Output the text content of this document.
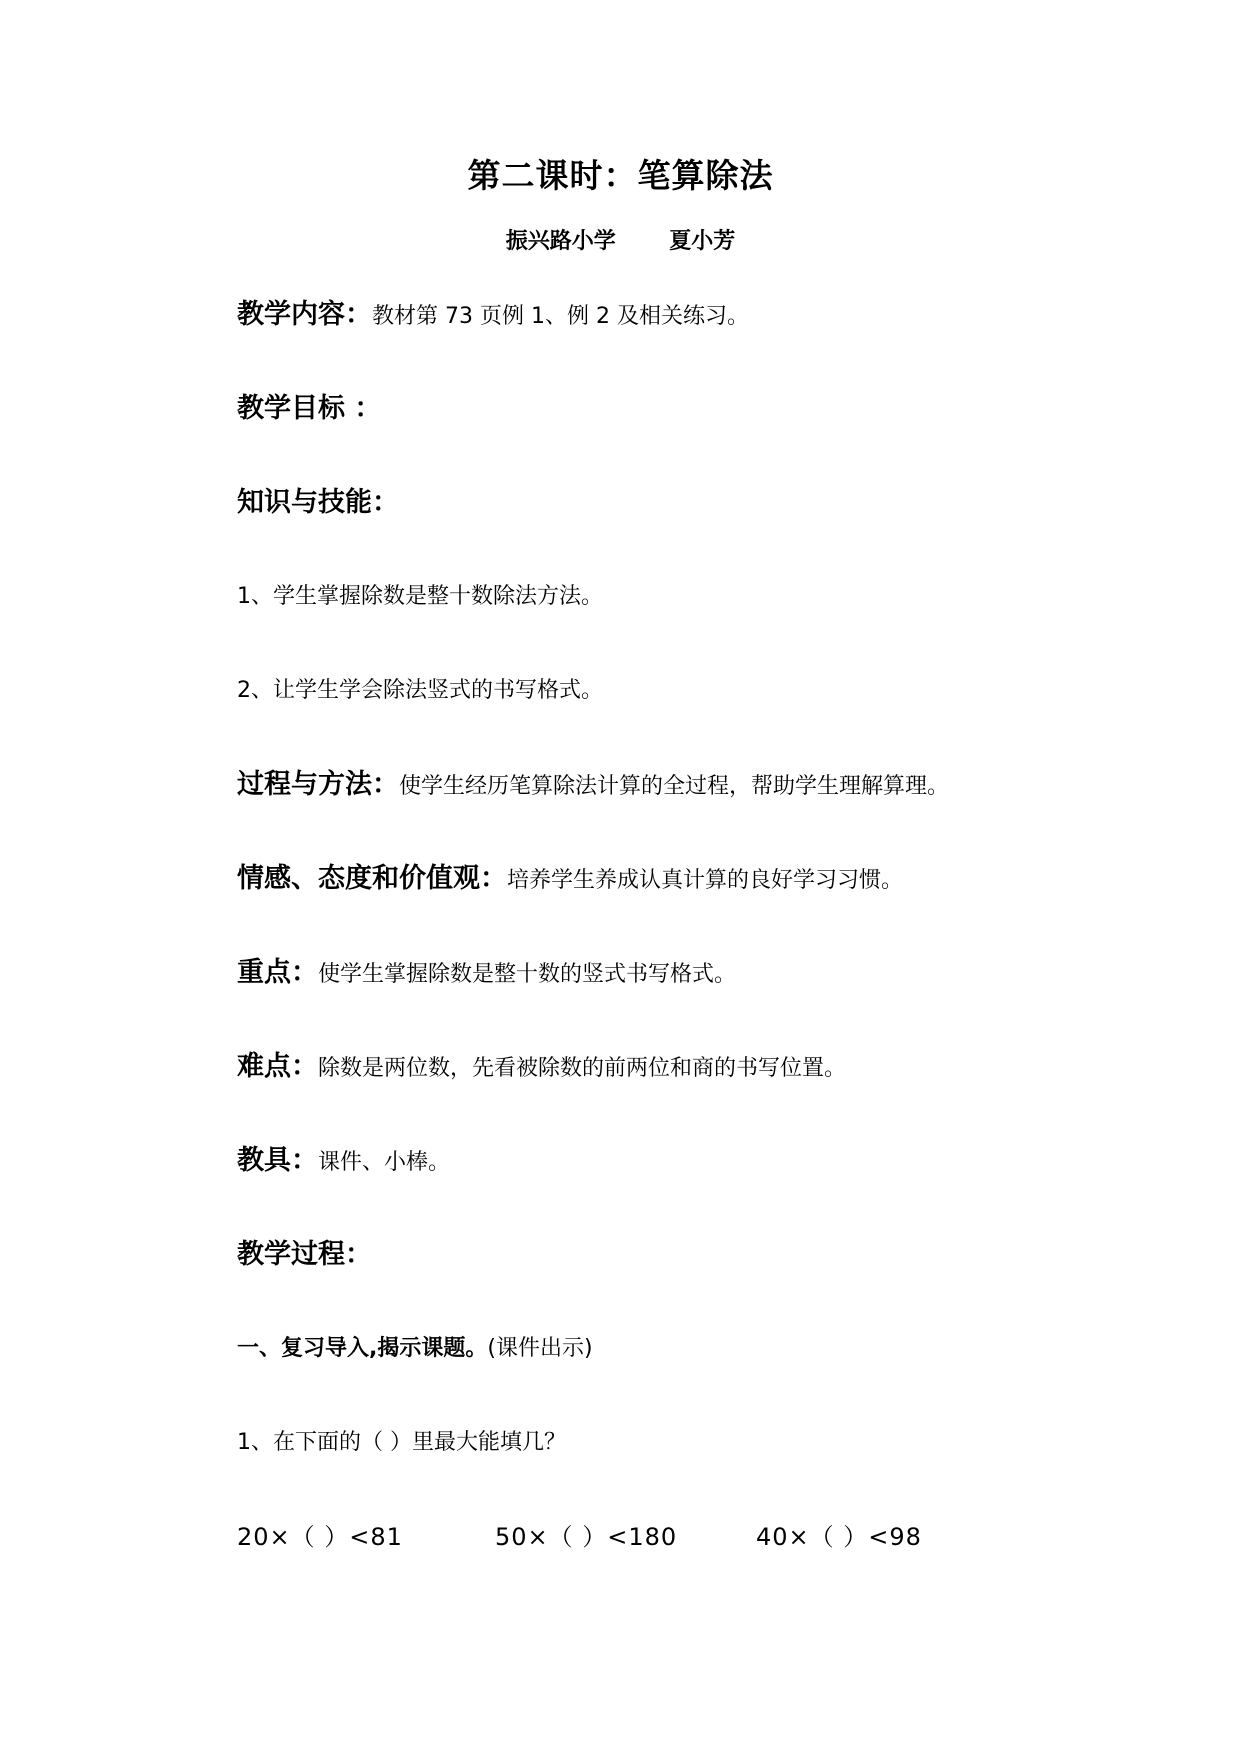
第二课时：笔算除法
振兴路小学       夏小芳
教学内容：教材第 73 页例 1、例 2 及相关练习。
教学目标 ：
知识与技能：
1、学生掌握除数是整十数除法方法。
2、让学生学会除法竖式的书写格式。
过程与方法：使学生经历笔算除法计算的全过程，帮助学生理解算理。
情感、态度和价值观：培养学生养成认真计算的良好学习习惯。
重点：使学生掌握除数是整十数的竖式书写格式。
难点：除数是两位数，先看被除数的前两位和商的书写位置。
教具：课件、小棒。
教学过程：
一、复习导入,揭示课题。(课件出示)
1、在下面的（ ）里最大能填几？
20×（ ）<81	50×（ ）<180	40×（ ）<98
